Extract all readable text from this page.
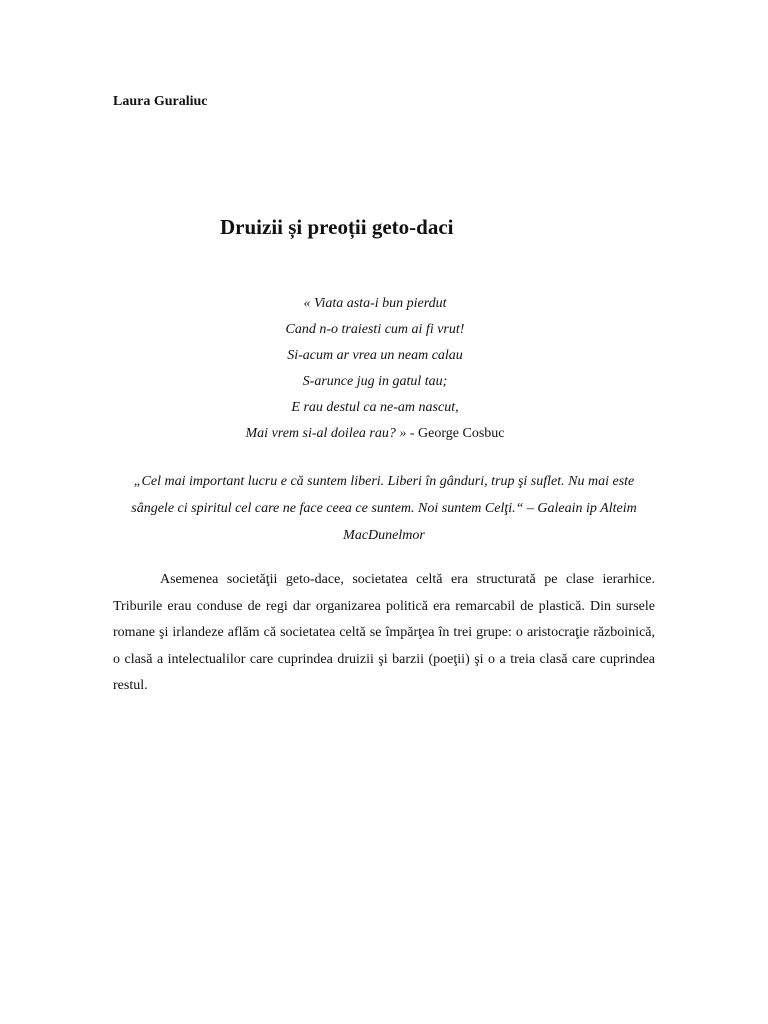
Laura Guraliuc
Druizii și preoții geto-daci
« Viata asta-i bun pierdut
Cand n-o traiesti cum ai fi vrut!
Si-acum ar vrea un neam calau
S-arunce jug in gatul tau;
E rau destul ca ne-am nascut,
Mai vrem si-al doilea rau? » - George Cosbuc
„Cel mai important lucru e că suntem liberi. Liberi în gânduri, trup şi suflet. Nu mai este sângele ci spiritul cel care ne face ceea ce suntem. Noi suntem Celţi.“ – Galeain ip Alteim MacDunelmor

Asemenea societăţii geto-dace, societatea celtă era structurată pe clase ierarhice. Triburile erau conduse de regi dar organizarea politică era remarcabil de plastică. Din sursele romane şi irlandeze aflăm că societatea celtă se împărţea în trei grupe: o aristocraţie războinică, o clasă a intelectualilor care cuprindea druizii şi barzii (poeţii) şi o a treia clasă care cuprindea restul.
